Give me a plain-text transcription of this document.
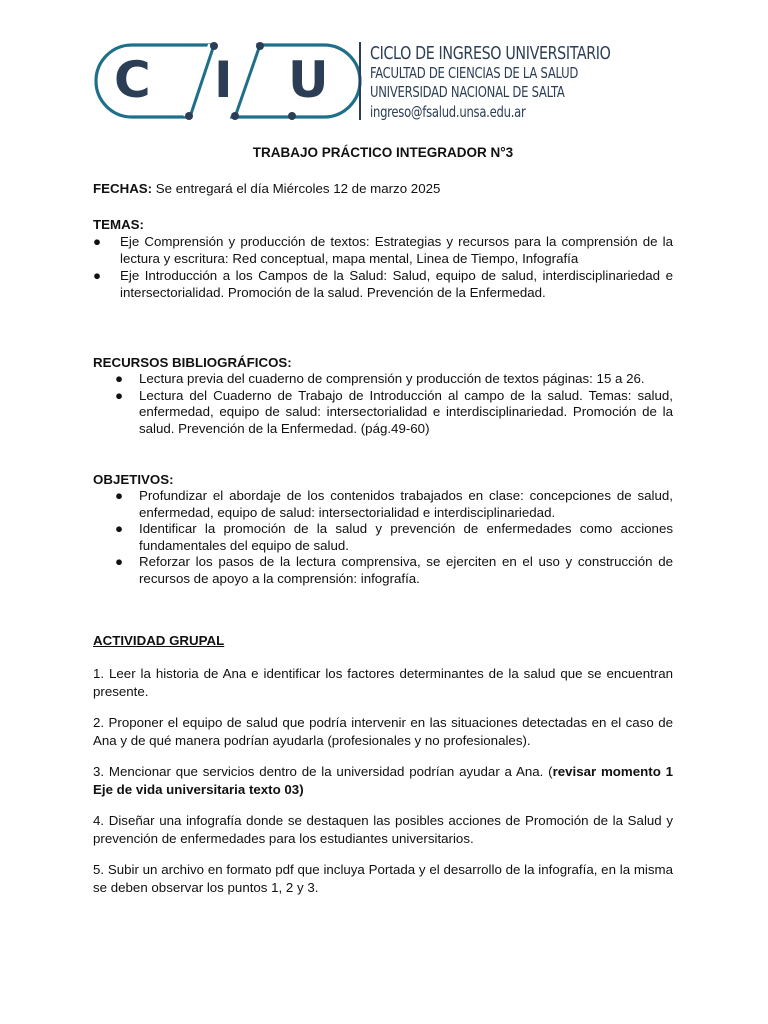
C I U CICLO DE INGRESO UNIVERSITARIO
FACULTAD DE CIENCIAS DE LA SALUD
UNIVERSIDAD NACIONAL DE SALTA
ingreso@fsalud.unsa.edu.ar

TRABAJO PRÁCTICO INTEGRADOR N°3

FECHAS: Se entregará el día Miércoles 12 de marzo 2025

TEMAS:
● Eje Comprensión y producción de textos: Estrategias y recursos para la comprensión de la lectura y escritura: Red conceptual, mapa mental, Linea de Tiempo, Infografía
● Eje Introducción a los Campos de la Salud: Salud, equipo de salud, interdisciplinariedad e intersectorialidad. Promoción de la salud. Prevención de la Enfermedad.
RECURSOS BIBLIOGRÁFICOS:
● Lectura previa del cuaderno de comprensión y producción de textos páginas: 15 a 26.
● Lectura del Cuaderno de Trabajo de Introducción al campo de la salud. Temas: salud, enfermedad, equipo de salud: intersectorialidad e interdisciplinariedad. Promoción de la salud. Prevención de la Enfermedad. (pág.49-60)
OBJETIVOS:
● Profundizar el abordaje de los contenidos trabajados en clase: concepciones de salud, enfermedad, equipo de salud: intersectorialidad e interdisciplinariedad.
● Identificar la promoción de la salud y prevención de enfermedades como acciones fundamentales del equipo de salud.
● Reforzar los pasos de la lectura comprensiva, se ejerciten en el uso y construcción de recursos de apoyo a la comprensión: infografía.
ACTIVIDAD GRUPAL

1. Leer la historia de Ana e identificar los factores determinantes de la salud que se encuentran presente.

2. Proponer el equipo de salud que podría intervenir en las situaciones detectadas en el caso de Ana y de qué manera podrían ayudarla (profesionales y no profesionales).

3. Mencionar que servicios dentro de la universidad podrían ayudar a Ana. (revisar momento 1 Eje de vida universitaria texto 03)

4. Diseñar una infografía donde se destaquen las posibles acciones de Promoción de la Salud y prevención de enfermedades para los estudiantes universitarios.

5. Subir un archivo en formato pdf que incluya Portada y el desarrollo de la infografía, en la misma se deben observar los puntos 1, 2 y 3.
